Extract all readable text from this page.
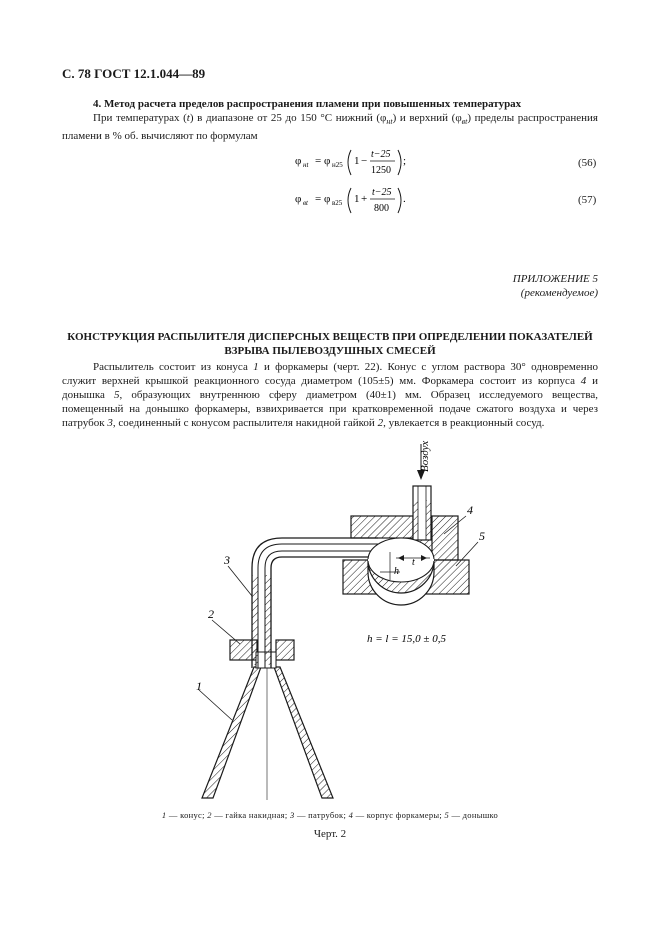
С. 78 ГОСТ 12.1.044—89
4. Метод расчета пределов распространения пламени при повышенных температурах
При температурах (t) в диапазоне от 25 до 150 °С нижний $(\varphi_{нt})$ и верхний $(\varphi_{вt})$ пределы распространения пламени в % об. вычисляют по формулам
φ нt = φ н25 1 −
t−25
1250
;	(56)
φ вt = φ в25 1 +
t−25
800
.	(57)
ПРИЛОЖЕНИЕ 5
(рекомендуемое)
КОНСТРУКЦИЯ РАСПЫЛИТЕЛЯ ДИСПЕРСНЫХ ВЕЩЕСТВ ПРИ ОПРЕДЕЛЕНИИ ПОКАЗАТЕЛЕЙ ВЗРЫВА ПЫЛЕВОЗДУШНЫХ СМЕСЕЙ
Распылитель состоит из конуса 1 и форкамеры (черт. 22). Конус с углом раствора 30° одновременно служит верхней крышкой реакционного сосуда диаметром (105±5) мм. Форкамера состоит из корпуса 4 и донышка 5, образующих внутреннюю сферу диаметром (40±1) мм. Образец исследуемого вещества, помещенный на донышко форкамеры, взвихривается при кратковременной подаче сжатого воздуха и через патрубок 3, соединенный с конусом распылителя накидной гайкой 2, увлекается в реакционный сосуд.
h
t
Воздух
3
2
1
4
5
h = l = 15,0 ± 0,5
1 — конус; 2 — гайка накидная; 3 — патрубок; 4 — корпус форкамеры; 5 — донышко
Черт. 2
